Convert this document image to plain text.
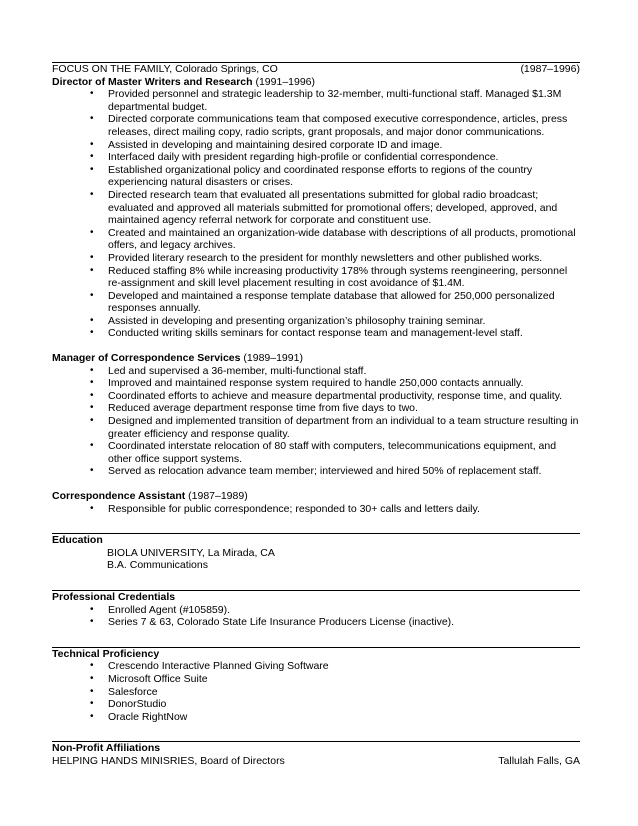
FOCUS ON THE FAMILY, Colorado Springs, CO	(1987–1996)
Director of Master Writers and Research (1991–1996)
• Provided personnel and strategic leadership to 32-member, multi-functional staff. Managed $1.3M departmental budget.
• Directed corporate communications team that composed executive correspondence, articles, press releases, direct mailing copy, radio scripts, grant proposals, and major donor communications.
• Assisted in developing and maintaining desired corporate ID and image.
• Interfaced daily with president regarding high-profile or confidential correspondence.
• Established organizational policy and coordinated response efforts to regions of the country experiencing natural disasters or crises.
• Directed research team that evaluated all presentations submitted for global radio broadcast; evaluated and approved all materials submitted for promotional offers; developed, approved, and maintained agency referral network for corporate and constituent use.
• Created and maintained an organization-wide database with descriptions of all products, promotional offers, and legacy archives.
• Provided literary research to the president for monthly newsletters and other published works.
• Reduced staffing 8% while increasing productivity 178% through systems reengineering, personnel re-assignment and skill level placement resulting in cost avoidance of $1.4M.
• Developed and maintained a response template database that allowed for 250,000 personalized responses annually.
• Assisted in developing and presenting organization’s philosophy training seminar.
• Conducted writing skills seminars for contact response team and management-level staff.
Manager of Correspondence Services (1989–1991)
• Led and supervised a 36-member, multi-functional staff.
• Improved and maintained response system required to handle 250,000 contacts annually.
• Coordinated efforts to achieve and measure departmental productivity, response time, and quality.
• Reduced average department response time from five days to two.
• Designed and implemented transition of department from an individual to a team structure resulting in greater efficiency and response quality.
• Coordinated interstate relocation of 80 staff with computers, telecommunications equipment, and other office support systems.
• Served as relocation advance team member; interviewed and hired 50% of replacement staff.
Correspondence Assistant (1987–1989)
• Responsible for public correspondence; responded to 30+ calls and letters daily.
Education
BIOLA UNIVERSITY, La Mirada, CA
B.A. Communications
Professional Credentials
• Enrolled Agent (#105859).
• Series 7 & 63, Colorado State Life Insurance Producers License (inactive).
Technical Proficiency
• Crescendo Interactive Planned Giving Software
• Microsoft Office Suite
• Salesforce
• DonorStudio
• Oracle RightNow
Non-Profit Affiliations
HELPING HANDS MINISRIES, Board of Directors	Tallulah Falls, GA
